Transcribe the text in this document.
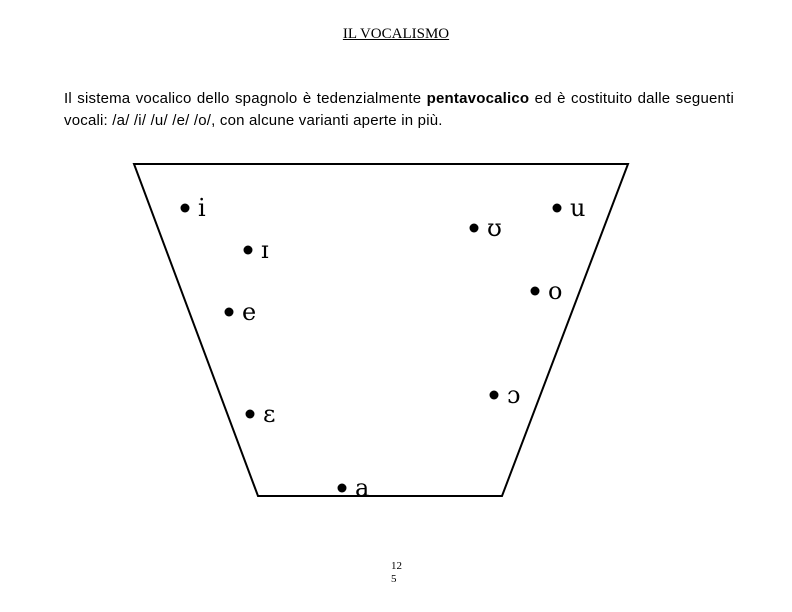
IL VOCALISMO
Il sistema vocalico dello spagnolo è tedenzialmente pentavocalico ed è costituito dalle seguenti vocali: /a/ /i/ /u/ /e/ /o/, con alcune varianti aperte in più.
i
ɪ
e
ɛ
a
ʊ
u
o
ɔ
12
5
